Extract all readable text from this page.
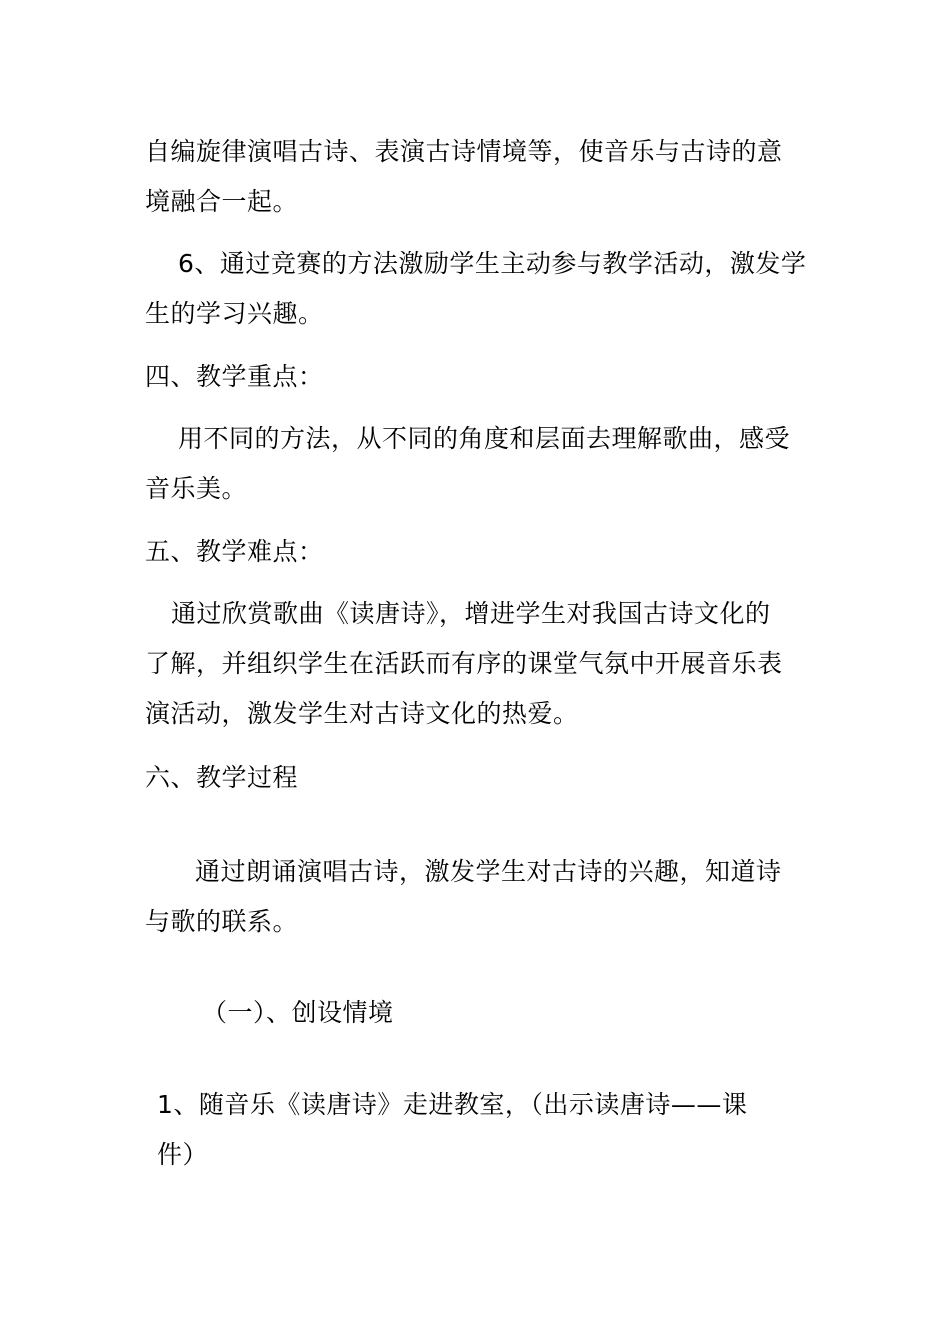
自编旋律演唱古诗、表演古诗情境等，使音乐与古诗的意
境融合一起。
6、通过竞赛的方法激励学生主动参与教学活动，激发学
生的学习兴趣。
四、教学重点：
用不同的方法，从不同的角度和层面去理解歌曲，感受
音乐美。
五、教学难点：
通过欣赏歌曲《读唐诗》，增进学生对我国古诗文化的
了解，并组织学生在活跃而有序的课堂气氛中开展音乐表
演活动，激发学生对古诗文化的热爱。
六、教学过程
通过朗诵演唱古诗，激发学生对古诗的兴趣，知道诗
与歌的联系。
（一）、创设情境
1、随音乐《读唐诗》走进教室，（出示读唐诗——课
件）
